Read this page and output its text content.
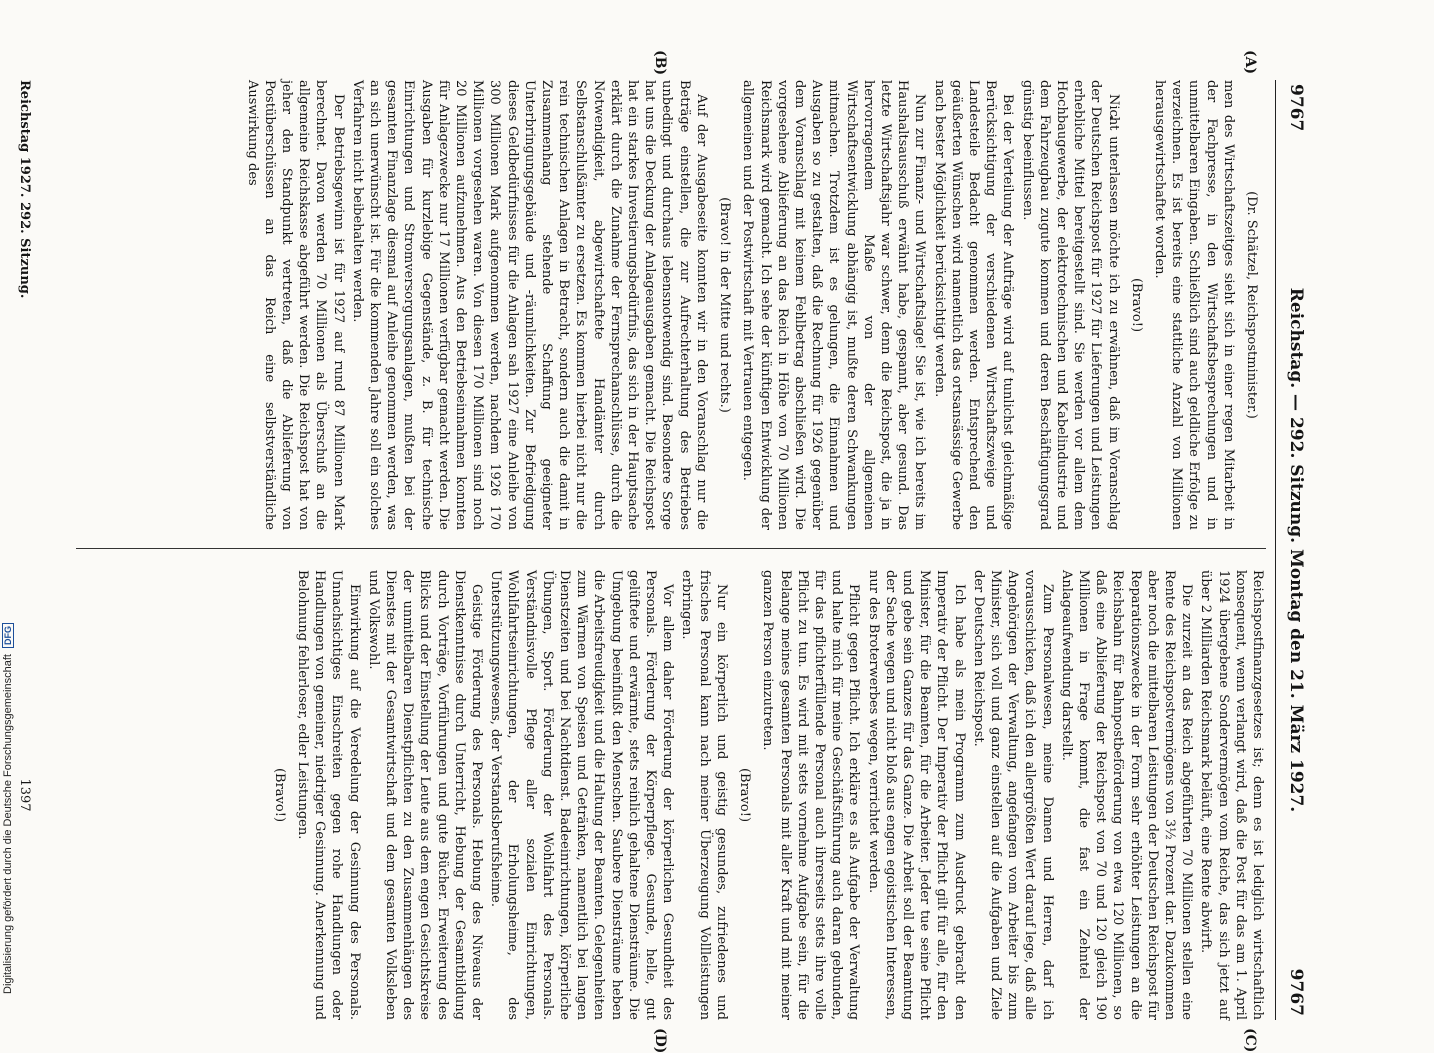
9767
Reichstag. — 292. Sitzung. Montag den 21. März 1927.
9767
(A)
(B)
(C)
(D)

(Dr. Schätzel, Reichspostminister.)

men des Wirtschaftszeitges sieht sich in einer regen Mitarbeit in der Fachpresse, in den Wirtschaftsbesprechungen und in unmittelbaren Eingaben. Schließlich sind auch geldliche Erfolge zu verzeichnen. Es ist bereits eine stattliche Anzahl von Millionen herausgewirtschaftet worden.

(Bravo!)

Nicht unterlassen möchte ich zu erwähnen, daß im Voranschlag der Deutschen Reichspost für 1927 für Lieferungen und Leistungen erhebliche Mittel bereitgestellt sind. Sie werden vor allem dem Hochbaugewerbe, der elektrotechnischen und Kabelindustrie und dem Fahrzeugbau zugute kommen und deren Beschäftigungsgrad günstig beeinflussen.

Bei der Verteilung der Aufträge wird auf tunlichst gleichmäßige Berücksichtigung der verschiedenen Wirtschaftszweige und Landesteile Bedacht genommen werden. Entsprechend den geäußerten Wünschen wird namentlich das ortsansässige Gewerbe nach bester Möglichkeit berücksichtigt werden.

Nun zur Finanz- und Wirtschaftslage! Sie ist, wie ich bereits im Haushaltsausschuß erwähnt habe, gespannt, aber gesund. Das letzte Wirtschaftsjahr war schwer, denn die Reichspost, die ja in hervorragendem Maße von der allgemeinen Wirtschaftsentwicklung abhängig ist, mußte deren Schwankungen mitmachen. Trotzdem ist es gelungen, die Einnahmen und Ausgaben so zu gestalten, daß die Rechnung für 1926 gegenüber dem Voranschlag mit keinem Fehlbetrag abschließen wird. Die vorgesehene Ablieferung an das Reich in Höhe von 70 Millionen Reichsmark wird gemacht. Ich sehe der künftigen Entwicklung der allgemeinen und der Postwirtschaft mit Vertrauen entgegen.

(Bravo! in der Mitte und rechts.)

Auf der Ausgabeseite konnten wir in den Voranschlag nur die Beträge einstellen, die zur Aufrechterhaltung des Betriebes unbedingt und durchaus lebensnotwendig sind. Besondere Sorge hat uns die Deckung der Anlageausgaben gemacht. Die Reichspost hat ein starkes Investierungsbedürfnis, das sich in der Hauptsache erklärt durch die Zunahme der Fernsprechanschlüsse, durch die Notwendigkeit, abgewirtschaftete Handämter durch Selbstanschlußämter zu ersetzen. Es kommen hierbei nicht nur die rein technischen Anlagen in Betracht, sondern auch die damit in Zusammenhang stehende Schaffung geeigneter Unterbringungsgebäude und -räumlichkeiten. Zur Befriedigung dieses Geldbedürfnisses für die Anlagen sah 1927 eine Anleihe von 300 Millionen Mark aufgenommen werden, nachdem 1926 170 Millionen vorgesehen waren. Von diesen 170 Millionen sind noch 20 Millionen aufzunehmen. Aus den Betriebseinnahmen konnten für Anlagezwecke nur 17 Millionen verfügbar gemacht werden. Die Ausgaben für kurzlebige Gegenstände, z. B. für technische Einrichtungen und Stromversorgungsanlagen, mußten bei der gesamten Finanzlage diesmal auf Anleihe genommen werden, was an sich unerwünscht ist. Für die kommenden Jahre soll ein solches Verfahren nicht beibehalten werden.

Der Betriebsgewinn ist für 1927 auf rund 87 Millionen Mark berechnet. Davon werden 70 Millionen als Überschuß an die allgemeine Reichskasse abgeführt werden. Die Reichspost hat von jeher den Standpunkt vertreten, daß die Ablieferung von Postüberschüssen an das Reich eine selbstverständliche Auswirkung des

Reichspostfinanzgesetzes ist; denn es ist lediglich wirtschaftlich konsequent, wenn verlangt wird, daß die Post für das am 1. April 1924 übergebene Sondervermögen vom Reiche, das sich jetzt auf über 2 Milliarden Reichsmark beläuft, eine Rente abwirft.

Die zurzeit an das Reich abgeführten 70 Millionen stellen eine Rente des Reichspostvermögens von 3½ Prozent dar. Dazukommen aber noch die mittelbaren Leistungen der Deutschen Reichspost für Reparationszwecke in der Form sehr erhöhter Leistungen an die Reichsbahn für Bahnpostbeförderung von etwa 120 Millionen, so daß eine Ablieferung der Reichspost von 70 und 120 gleich 190 Millionen in Frage kommt, die fast ein Zehntel der Anlageaufwendung darstellt.

Zum Personalwesen, meine Damen und Herren, darf ich vorausschicken, daß ich den allergrößten Wert darauf lege, daß alle Angehörigen der Verwaltung, angefangen vom Arbeiter bis zum Minister, sich voll und ganz einstellen auf die Aufgaben und Ziele der Deutschen Reichspost.

Ich habe als mein Programm zum Ausdruck gebracht den Imperativ der Pflicht. Der Imperativ der Pflicht gilt für alle, für den Minister, für die Beamten, für die Arbeiter. Jeder tue seine Pflicht und gebe sein Ganzes für das Ganze. Die Arbeit soll der Beamtung der Sache wegen und nicht bloß aus engen egoistischen Interessen, nur des Broterwerbes wegen, verrichtet werden.

Pflicht gegen Pflicht. Ich erkläre es als Aufgabe der Verwaltung und halte mich für meine Geschäftsführung auch daran gebunden, für das pflichterfüllende Personal auch ihrerseits stets ihre volle Pflicht zu tun. Es wird mit stets vornehme Aufgabe sein, für die Belange meines gesamten Personals mit aller Kraft und mit meiner ganzen Person einzutreten.

(Bravo!)

Nur ein körperlich und geistig gesundes, zufriedenes und frisches Personal kann nach meiner Überzeugung Vollleistungen erbringen.

Vor allem daher Förderung der körperlichen Gesundheit des Personals. Förderung der Körperpflege. Gesunde, helle, gut gelüftete und erwärmte, stets reinlich gehaltene Diensträume. Die Umgebung beeinflußt den Menschen. Saubere Diensträume heben die Arbeitsfreudigkeit und die Haltung der Beamten. Gelegenheiten zum Wärmen von Speisen und Getränken, namentlich bei langen Dienstzeiten und bei Nachtdienst. Badeeinrichtungen, körperliche Übungen, Sport. Förderung der Wohlfahrt des Personals. Verständnisvolle Pflege aller sozialen Einrichtungen, Wohlfahrtseinrichtungen, der Erholungsheime, des Unterstützungswesens, der Verstandsberufsheime.

Geistige Förderung des Personals. Hebung des Niveaus der Dienstkenntnisse durch Unterricht, Hebung der Gesamtbildung durch Vorträge, Vorführungen und gute Bücher. Erweiterung des Blicks und der Einstellung der Leute aus dem engen Gesichtskreise der unmittelbaren Dienstpflichten zu den Zusammenhängen des Dienstes mit der Gesamtwirtschaft und dem gesamten Volksleben und Volkswohl.

Einwirkung auf die Veredelung der Gesinnung des Personals. Unnachsichtiges Einschreiten gegen rohe Handlungen oder Handlungen von gemeiner, niedriger Gesinnung. Anerkennung und Belohnung fehlerloser, edler Leistungen.

(Bravo!)

Reichstag 1927. 292. Sitzung.
1397
Digitalisierung gefördert durch die Deutsche ForschungsgemeinschaftDFG
